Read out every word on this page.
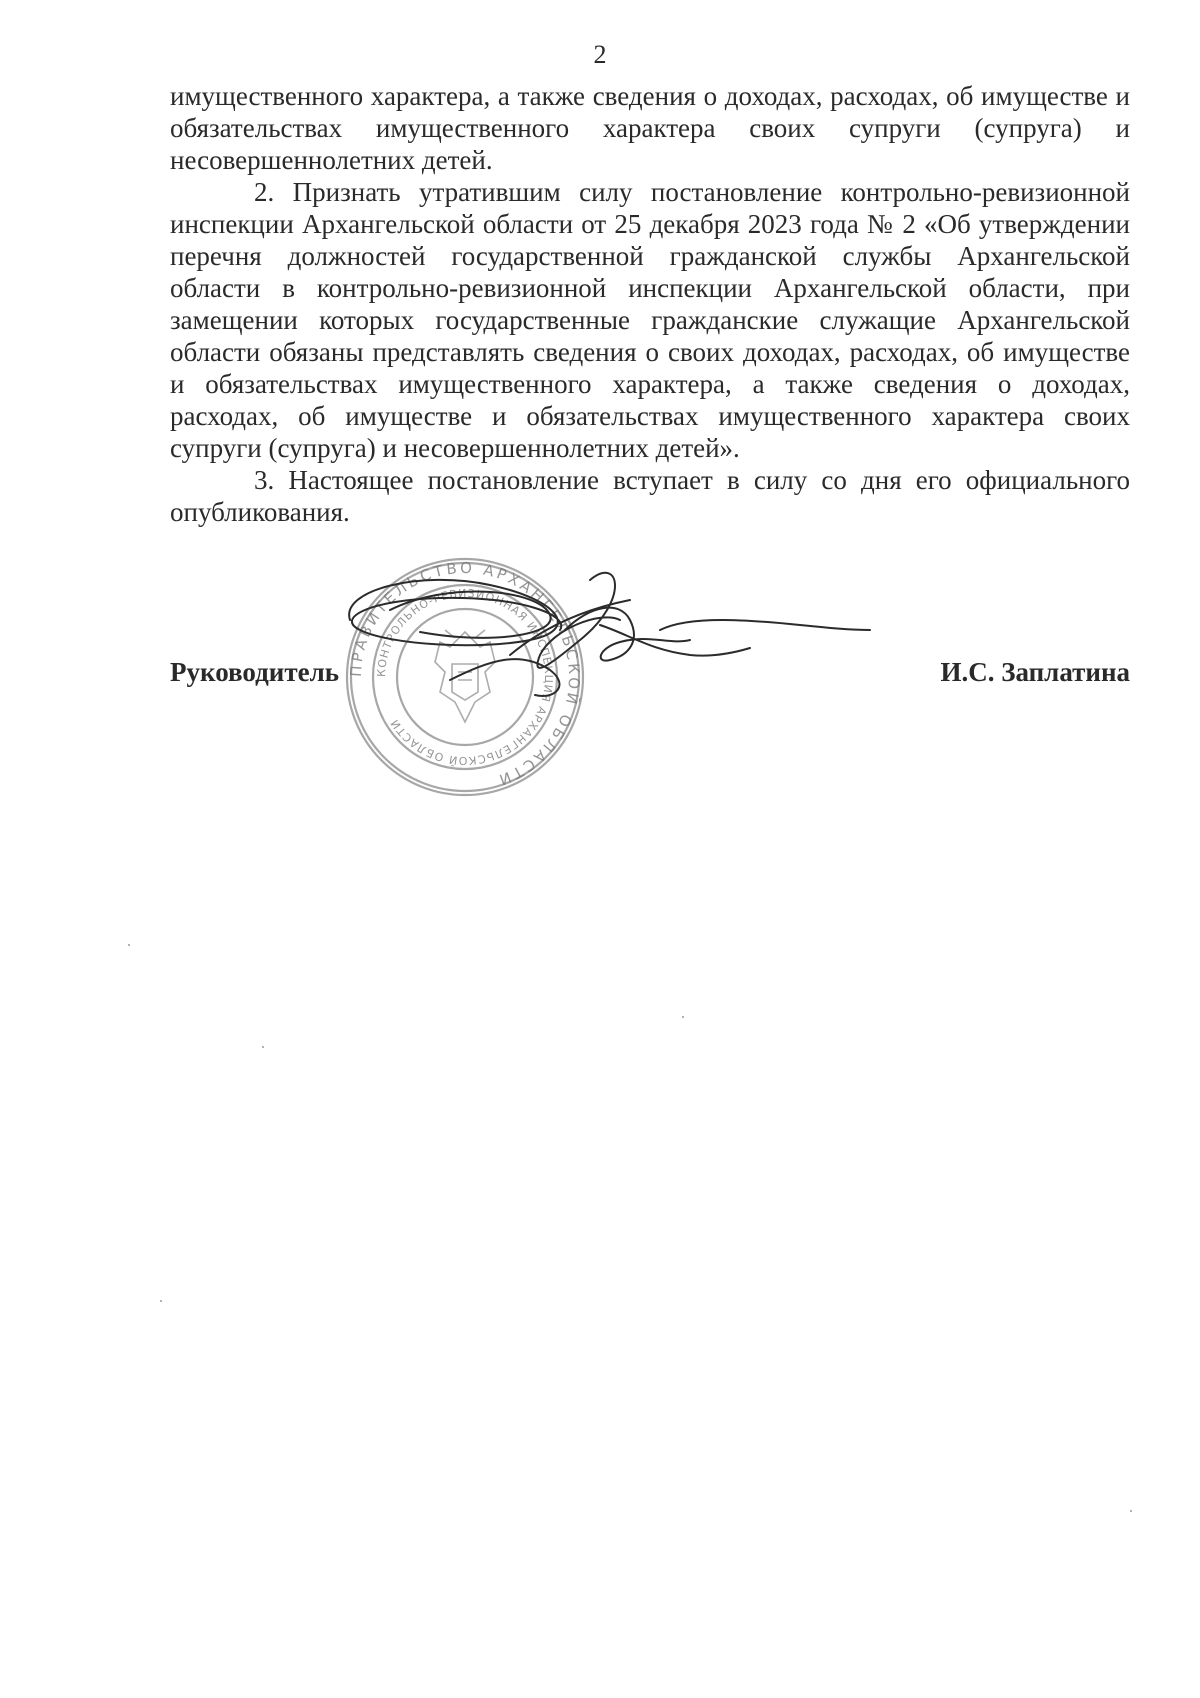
2

имущественного характера, а также сведения о доходах, расходах, об имуществе и обязательствах имущественного характера своих супруги (супруга) и несовершеннолетних детей.

2. Признать утратившим силу постановление контрольно-ревизионной инспекции Архангельской области от 25 декабря 2023 года № 2 «Об утверждении перечня должностей государственной гражданской службы Архангельской области в контрольно-ревизионной инспекции Архангельской области, при замещении которых государственные гражданские служащие Архангельской области обязаны представлять сведения о своих доходах, расходах, об имуществе и обязательствах имущественного характера, а также сведения о доходах, расходах, об имуществе и обязательствах имущественного характера своих супруги (супруга) и несовершеннолетних детей».

3. Настоящее постановление вступает в силу со дня его официального опубликования.

ПРАВИТЕЛЬСТВО АРХАНГЕЛЬСКОЙ ОБЛАСТИ
КОНТРОЛЬНО-РЕВИЗИОННАЯ ИНСПЕКЦИЯ АРХАНГЕЛЬСКОЙ ОБЛАСТИ
Руководитель	И.С. Заплатина
